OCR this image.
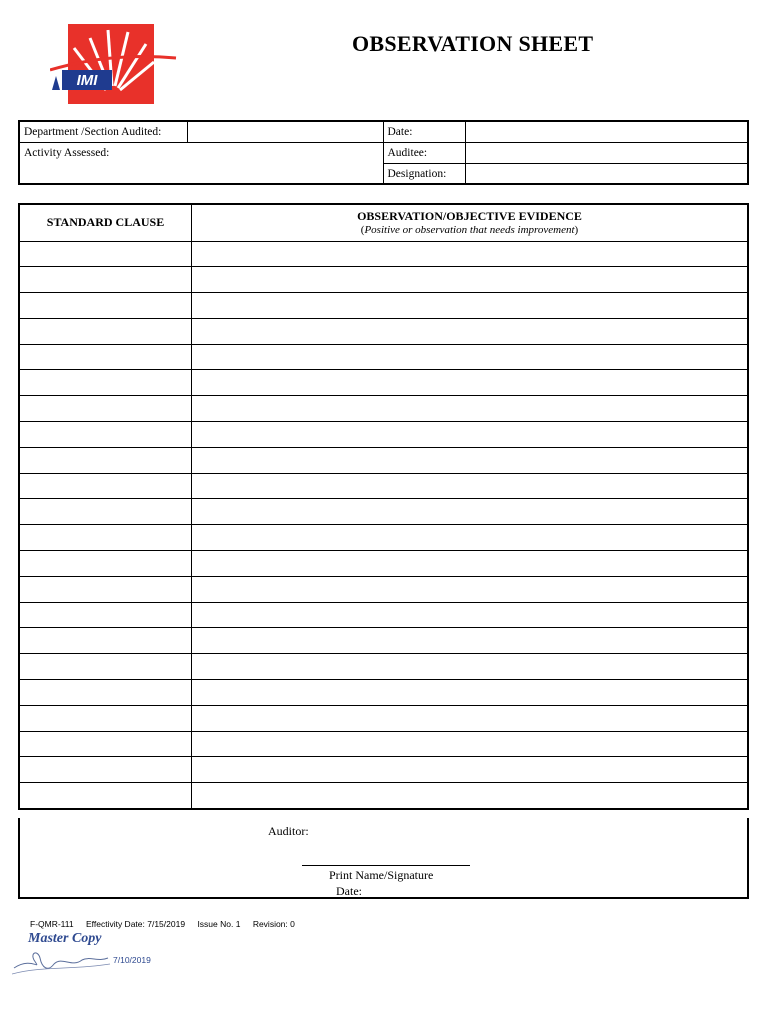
IMI
OBSERVATION SHEET
Department /Section Audited:		Date:	
Activity Assessed:		Auditee:	
		Designation:	
STANDARD CLAUSE	OBSERVATION/OBJECTIVE EVIDENCE
(Positive or observation that needs improvement)

Auditor:
Print Name/Signature
Date:
F-QMR-111 Effectivity Date: 7/15/2019 Issue No. 1 Revision: 0
Master Copy
7/10/2019
